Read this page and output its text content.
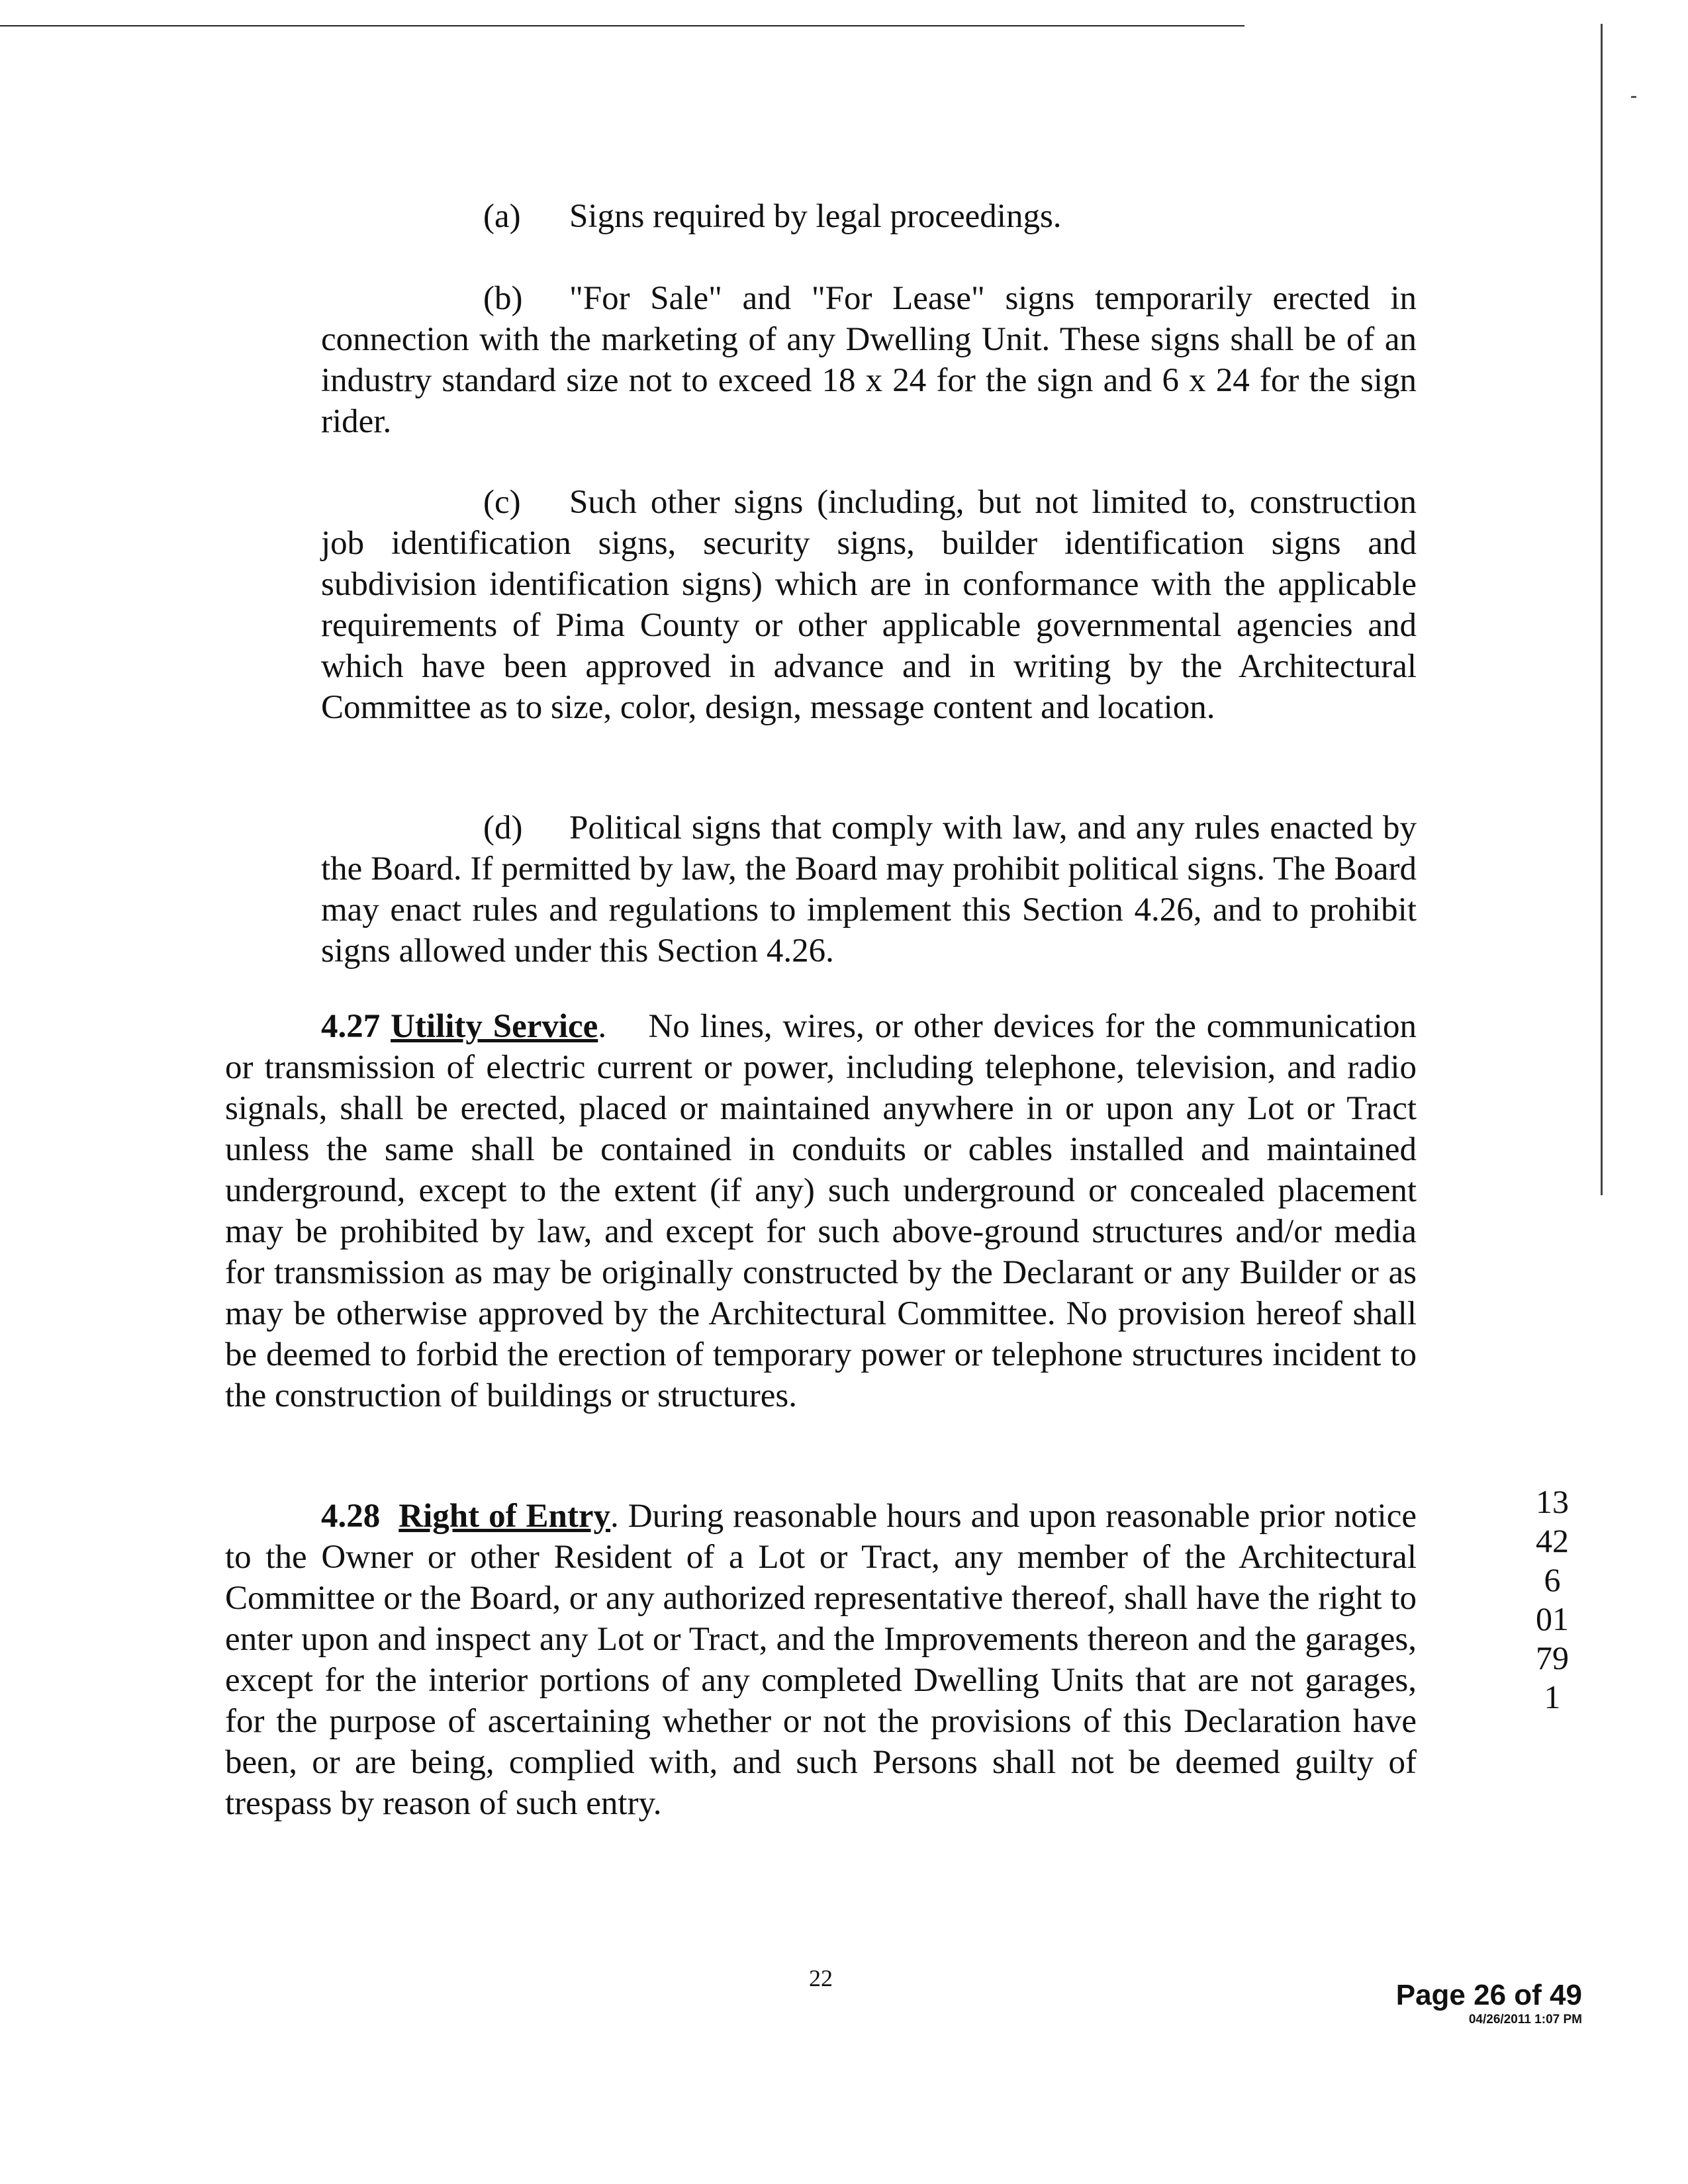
(a) Signs required by legal proceedings.

(b) "For Sale" and "For Lease" signs temporarily erected in connection with the marketing of any Dwelling Unit. These signs shall be of an industry standard size not to exceed 18 x 24 for the sign and 6 x 24 for the sign rider.

(c) Such other signs (including, but not limited to, construction job identification signs, security signs, builder identification signs and subdivision identification signs) which are in conformance with the applicable requirements of Pima County or other applicable governmental agencies and which have been approved in advance and in writing by the Architectural Committee as to size, color, design, message content and location.

(d) Political signs that comply with law, and any rules enacted by the Board. If permitted by law, the Board may prohibit political signs. The Board may enact rules and regulations to implement this Section 4.26, and to prohibit signs allowed under this Section 4.26.

4.27 Utility Service.    No lines, wires, or other devices for the communication or transmission of electric current or power, including telephone, television, and radio signals, shall be erected, placed or maintained anywhere in or upon any Lot or Tract unless the same shall be contained in conduits or cables installed and maintained underground, except to the extent (if any) such underground or concealed placement may be prohibited by law, and except for such above-ground structures and/or media for transmission as may be originally constructed by the Declarant or any Builder or as may be otherwise approved by the Architectural Committee. No provision hereof shall be deemed to forbid the erection of temporary power or telephone structures incident to the construction of buildings or structures.

4.28 Right of Entry. During reasonable hours and upon reasonable prior notice to the Owner or other Resident of a Lot or Tract, any member of the Architectural Committee or the Board, or any authorized representative thereof, shall have the right to enter upon and inspect any Lot or Tract, and the Improvements thereon and the garages, except for the interior portions of any completed Dwelling Units that are not garages, for the purpose of ascertaining whether or not the provisions of this Declaration have been, or are being, complied with, and such Persons shall not be deemed guilty of trespass by reason of such entry.

13426 0179 1
22
Page 26 of 49
04/26/2011 1:07 PM
